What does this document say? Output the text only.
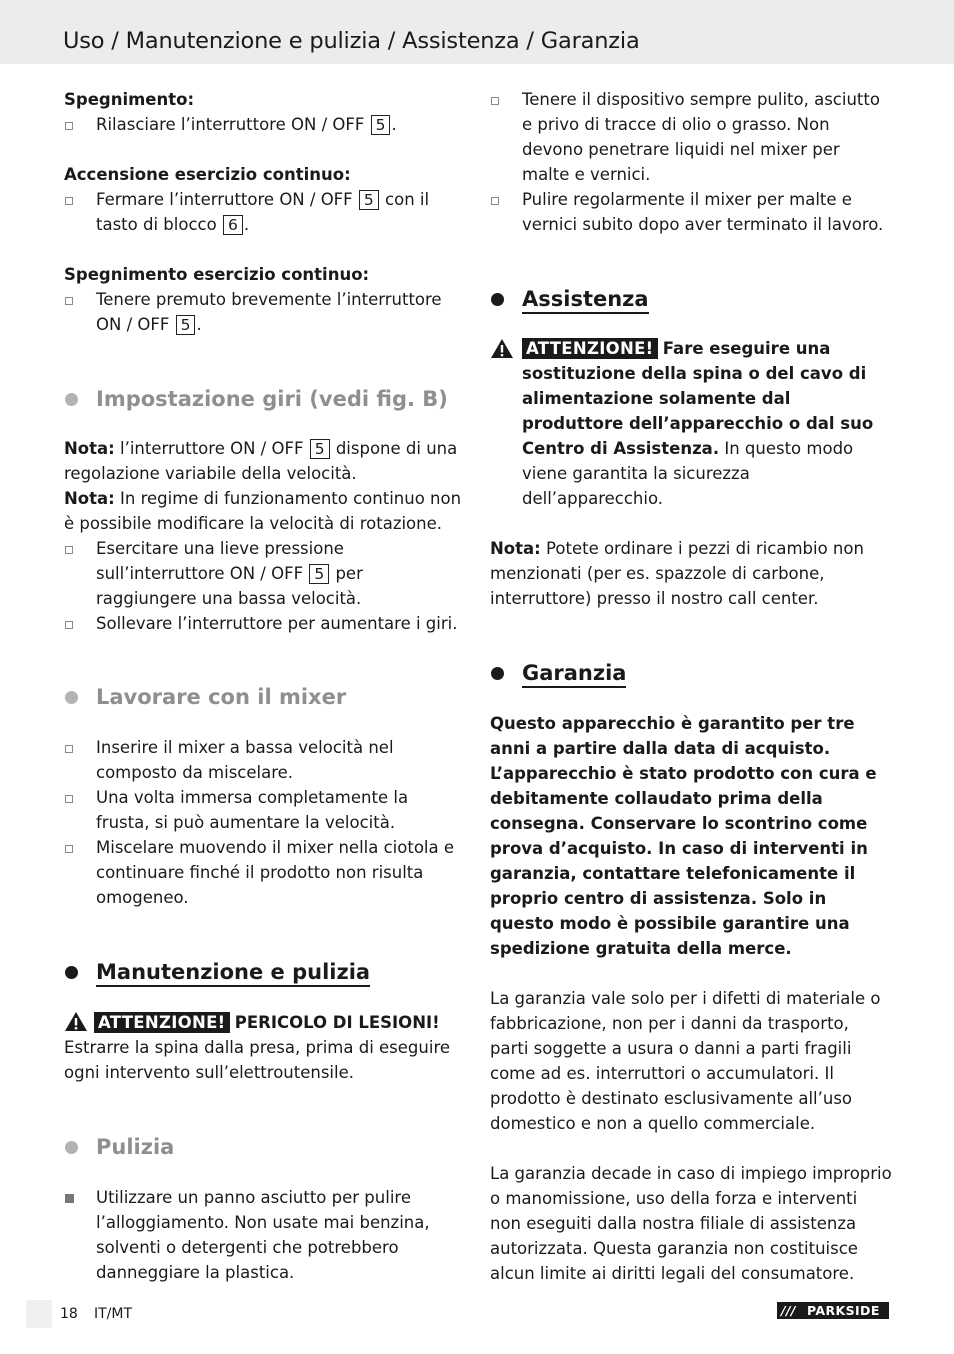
Uso / Manutenzione e pulizia / Assistenza / Garanzia

Spegnimento:

Rilasciare l’interruttore ON / OFF 5 .

Accensione esercizio continuo:

Fermare l’interruttore ON / OFF 5 con il tasto di blocco 6 .

Spegnimento esercizio continuo:

Tenere premuto brevemente l’interruttore ON / OFF 5 .
Impostazione giri (vedi fig. B)

Nota: l’interruttore ON / OFF 5 dispone di una regolazione variabile della velocità.

Nota: In regime di funzionamento continuo non è possibile modificare la velocità di rotazione.

Esercitare una lieve pressione sull’interruttore ON / OFF 5 per raggiungere una bassa velocità.
Sollevare l’interruttore per aumentare i giri.
Lavorare con il mixer
Inserire il mixer a bassa velocità nel composto da miscelare.
Una volta immersa completamente la frusta, si può aumentare la velocità.
Miscelare muovendo il mixer nella ciotola e continuare finché il prodotto non risulta omogeneo.
Manutenzione e pulizia

ATTENZIONE! PERICOLO DI LESIONI!

Estrarre la spina dalla presa, prima di eseguire ogni intervento sull’elettroutensile.

Pulizia
Utilizzare un panno asciutto per pulire l’alloggiamento. Non usate mai benzina, solventi o detergenti che potrebbero danneggiare la plastica.
Tenere il dispositivo sempre pulito, asciutto e privo di tracce di olio o grasso. Non devono penetrare liquidi nel mixer per malte e vernici.
Pulire regolarmente il mixer per malte e vernici subito dopo aver terminato il lavoro.
Assistenza
ATTENZIONE! Fare eseguire una sostituzione della spina o del cavo di alimentazione solamente dal produttore dell’apparecchio o dal suo Centro di Assistenza. In questo modo viene garantita la sicurezza dell’apparecchio.

Nota: Potete ordinare i pezzi di ricambio non menzionati (per es. spazzole di carbone, interruttore) presso il nostro call center.

Garanzia

Questo apparecchio è garantito per tre anni a partire dalla data di acquisto. L’apparecchio è stato prodotto con cura e debitamente collaudato prima della consegna. Conservare lo scontrino come prova d’acquisto. In caso di interventi in garanzia, contattare telefonicamente il proprio centro di assistenza. Solo in questo modo è possibile garantire una spedizione gratuita della merce.

La garanzia vale solo per i difetti di materiale o fabbricazione, non per i danni da trasporto, parti soggette a usura o danni a parti fragili come ad es. interruttori o accumulatori. Il prodotto è destinato esclusivamente all’uso domestico e non a quello commerciale.

La garanzia decade in caso di impiego improprio o manomissione, uso della forza e interventi non eseguiti dalla nostra filiale di assistenza autorizzata. Questa garanzia non costituisce alcun limite ai diritti legali del consumatore.

18 IT/MT	/// PARKSIDE
